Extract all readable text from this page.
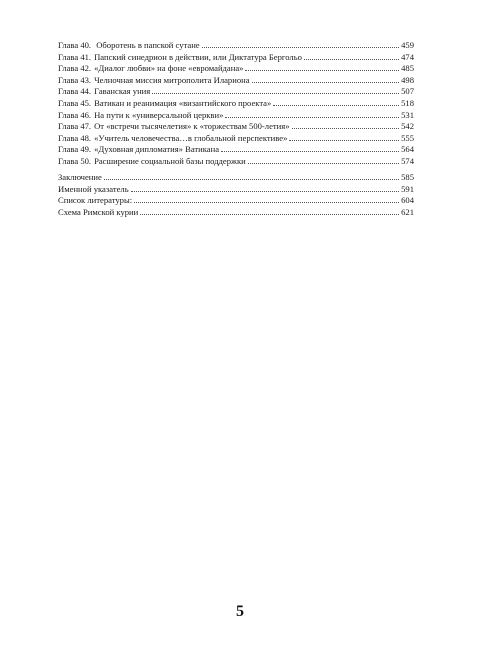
Глава 40. Оборотень в папской сутане	459
Глава 41. Папский синедрион в действии, или Диктатура Бергольо	474
Глава 42. «Диалог любви» на фоне «евромайдана»	485
Глава 43. Челночная миссия митрополита Илариона	498
Глава 44. Гаванская уния	507
Глава 45. Ватикан и реанимация «византийского проекта»	518
Глава 46. На пути к «универсальной церкви»	531
Глава 47. От «встречи тысячелетия» к «торжествам 500-летия»	542
Глава 48. «Учитель человечества…в глобальной перспективе»	555
Глава 49. «Духовная дипломатия» Ватикана	564
Глава 50. Расширение социальной базы поддержки	574
Заключение	585
Именной указатель	591
Список литературы:	604
Схема Римской курии	621
5
